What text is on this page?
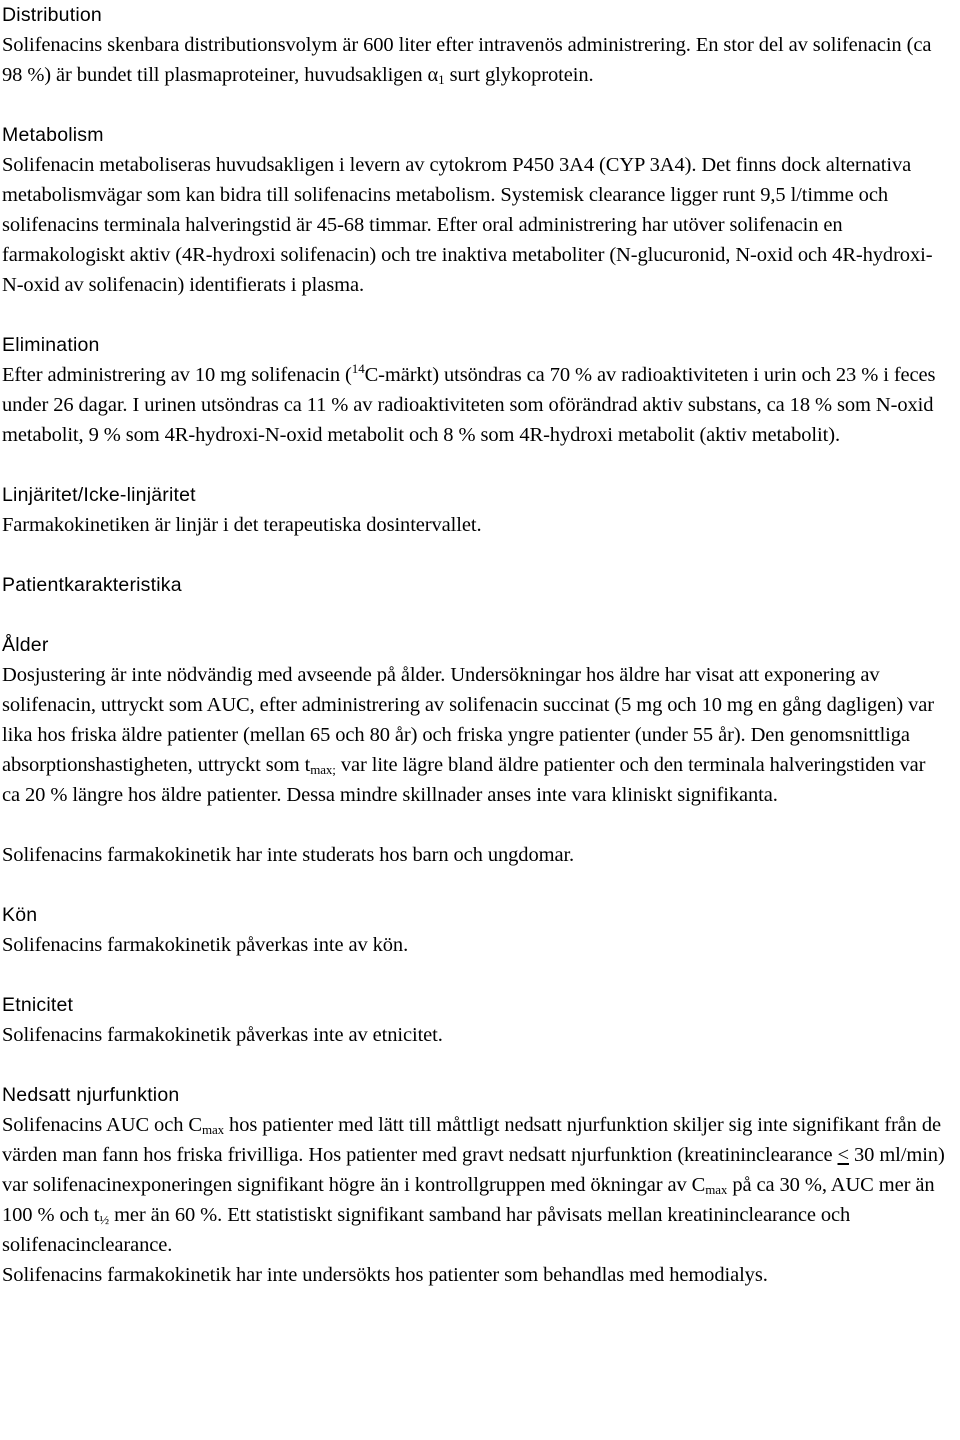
Distribution
Solifenacins skenbara distributionsvolym är 600 liter efter intravenös administrering. En stor del av solifenacin (ca 98 %) är bundet till plasmaproteiner, huvudsakligen $\alpha_1$ surt glykoprotein.
Metabolism
Solifenacin metaboliseras huvudsakligen i levern av cytokrom P450 3A4 (CYP 3A4). Det finns dock alternativa metabolismvägar som kan bidra till solifenacins metabolism. Systemisk clearance ligger runt 9,5 l/timme och solifenacins terminala halveringstid är 45-68 timmar. Efter oral administrering har utöver solifenacin en farmakologiskt aktiv (4R-hydroxi solifenacin) och tre inaktiva metaboliter (N-glucuronid, N-oxid och 4R-hydroxi-N-oxid av solifenacin) identifierats i plasma.
Elimination
Efter administrering av 10 mg solifenacin ($^{14}$C-märkt) utsöndras ca 70 % av radioaktiviteten i urin och 23 % i feces under 26 dagar. I urinen utsöndras ca 11 % av radioaktiviteten som oförändrad aktiv substans, ca 18 % som N-oxid metabolit, 9 % som 4R-hydroxi-N-oxid metabolit och 8 % som 4R-hydroxi metabolit (aktiv metabolit).
Linjäritet/Icke-linjäritet
Farmakokinetiken är linjär i det terapeutiska dosintervallet.
Patientkarakteristika
Ålder
Dosjustering är inte nödvändig med avseende på ålder. Undersökningar hos äldre har visat att exponering av solifenacin, uttryckt som AUC, efter administrering av solifenacin succinat (5 mg och 10 mg en gång dagligen) var lika hos friska äldre patienter (mellan 65 och 80 år) och friska yngre patienter (under 55 år). Den genomsnittliga absorptionshastigheten, uttryckt som $t_{max;}$ var lite lägre bland äldre patienter och den terminala halveringstiden var ca 20 % längre hos äldre patienter. Dessa mindre skillnader anses inte vara kliniskt signifikanta.
Solifenacins farmakokinetik har inte studerats hos barn och ungdomar.
Kön
Solifenacins farmakokinetik påverkas inte av kön.
Etnicitet
Solifenacins farmakokinetik påverkas inte av etnicitet.
Nedsatt njurfunktion
Solifenacins AUC och $C_{max}$ hos patienter med lätt till måttligt nedsatt njurfunktion skiljer sig inte signifikant från de värden man fann hos friska frivilliga. Hos patienter med gravt nedsatt njurfunktion (kreatininclearance ≤ 30 ml/min) var solifenacinexponeringen signifikant högre än i kontrollgruppen med ökningar av $C_{max}$ på ca 30 %, AUC mer än 100 % och $t_{\frac{1}{2}}$ mer än 60 %. Ett statistiskt signifikant samband har påvisats mellan kreatininclearance och solifenacinclearance.
Solifenacins farmakokinetik har inte undersökts hos patienter som behandlas med hemodialys.
